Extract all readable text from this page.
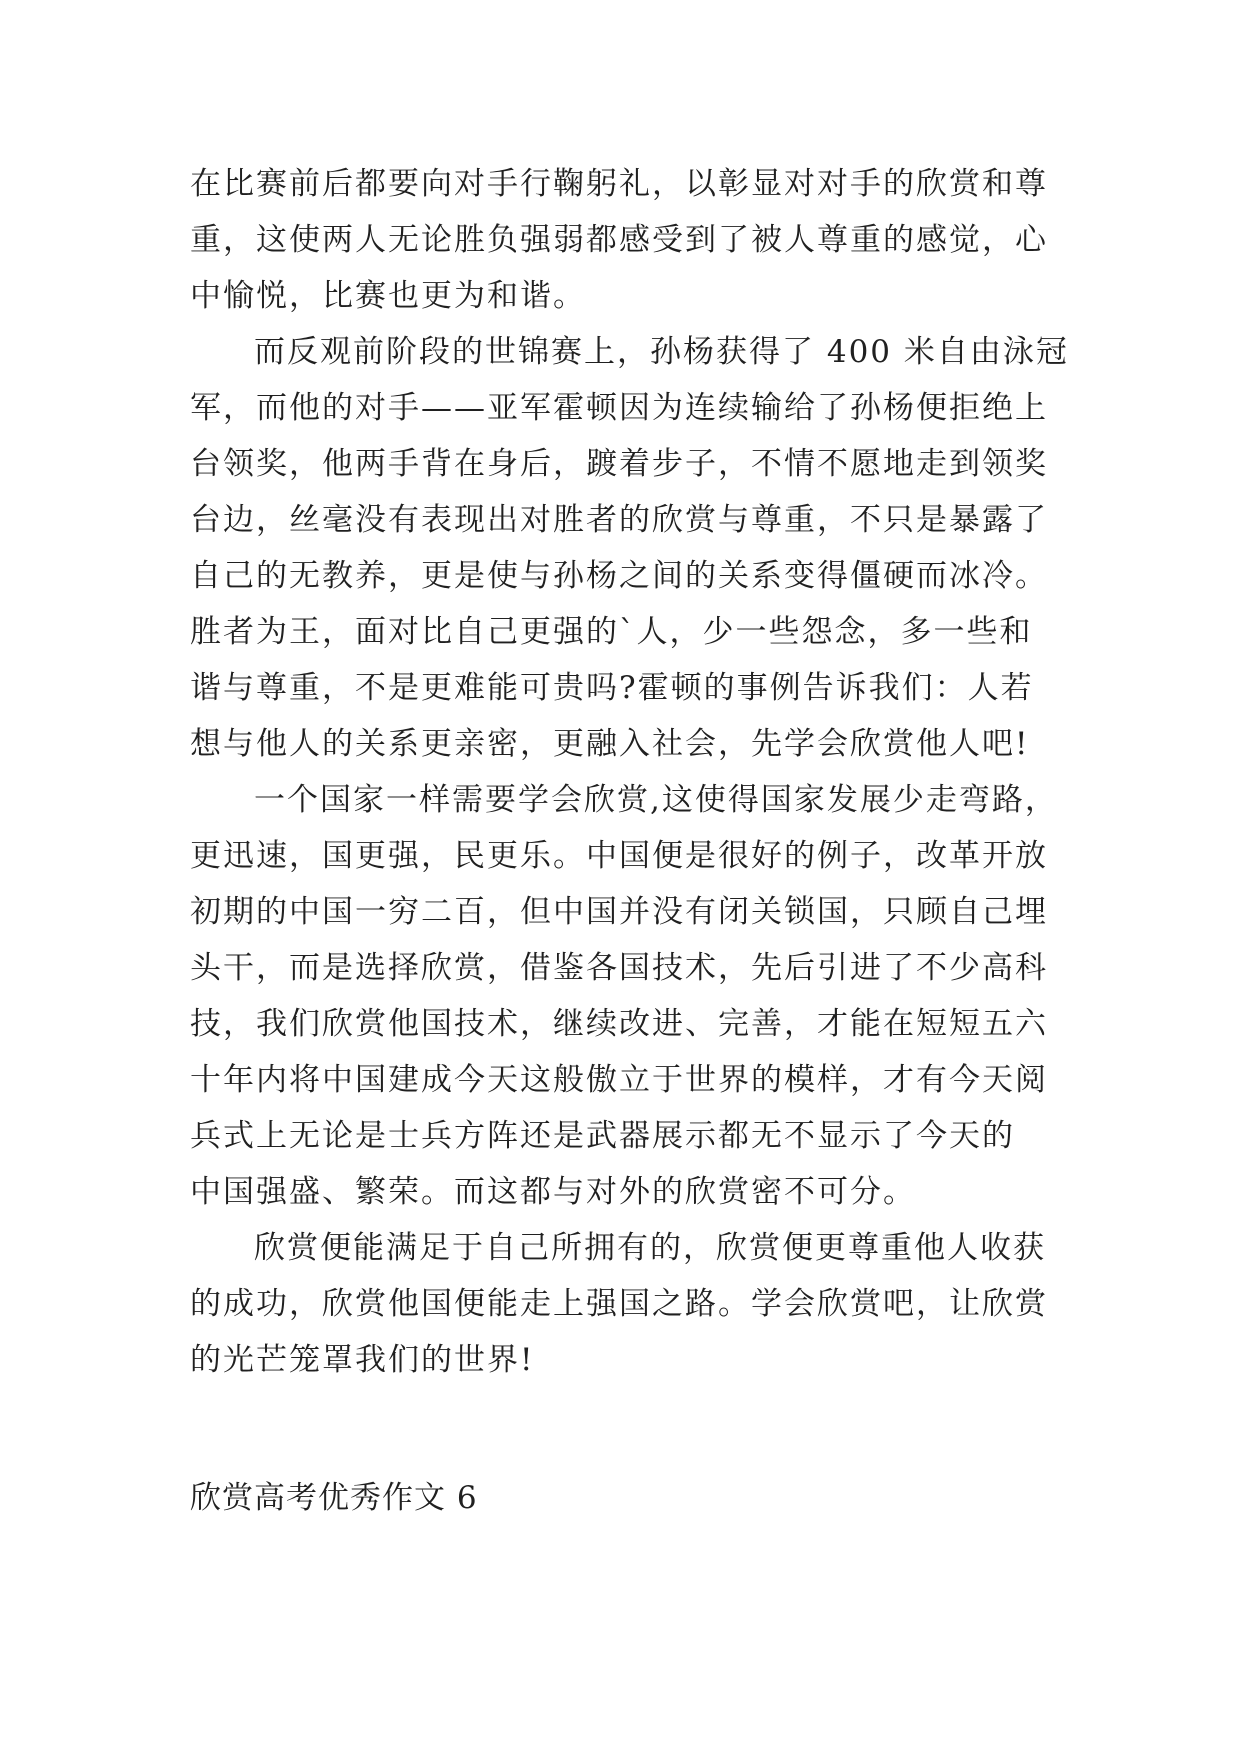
在比赛前后都要向对手行鞠躬礼，以彰显对对手的欣赏和尊
重，这使两人无论胜负强弱都感受到了被人尊重的感觉，心
中愉悦，比赛也更为和谐。
而反观前阶段的世锦赛上，孙杨获得了 400 米自由泳冠
军，而他的对手——亚军霍顿因为连续输给了孙杨便拒绝上
台领奖，他两手背在身后，踱着步子，不情不愿地走到领奖
台边，丝毫没有表现出对胜者的欣赏与尊重，不只是暴露了
自己的无教养，更是使与孙杨之间的关系变得僵硬而冰冷。
胜者为王，面对比自己更强的`人，少一些怨念，多一些和
谐与尊重，不是更难能可贵吗?霍顿的事例告诉我们：人若
想与他人的关系更亲密，更融入社会，先学会欣赏他人吧!
一个国家一样需要学会欣赏,这使得国家发展少走弯路，
更迅速，国更强，民更乐。中国便是很好的例子，改革开放
初期的中国一穷二百，但中国并没有闭关锁国，只顾自己埋
头干，而是选择欣赏，借鉴各国技术，先后引进了不少高科
技，我们欣赏他国技术，继续改进、完善，才能在短短五六
十年内将中国建成今天这般傲立于世界的模样，才有今天阅
兵式上无论是士兵方阵还是武器展示都无不显示了今天的
中国强盛、繁荣。而这都与对外的欣赏密不可分。
欣赏便能满足于自己所拥有的，欣赏便更尊重他人收获
的成功，欣赏他国便能走上强国之路。学会欣赏吧，让欣赏
的光芒笼罩我们的世界!
欣赏高考优秀作文 6
